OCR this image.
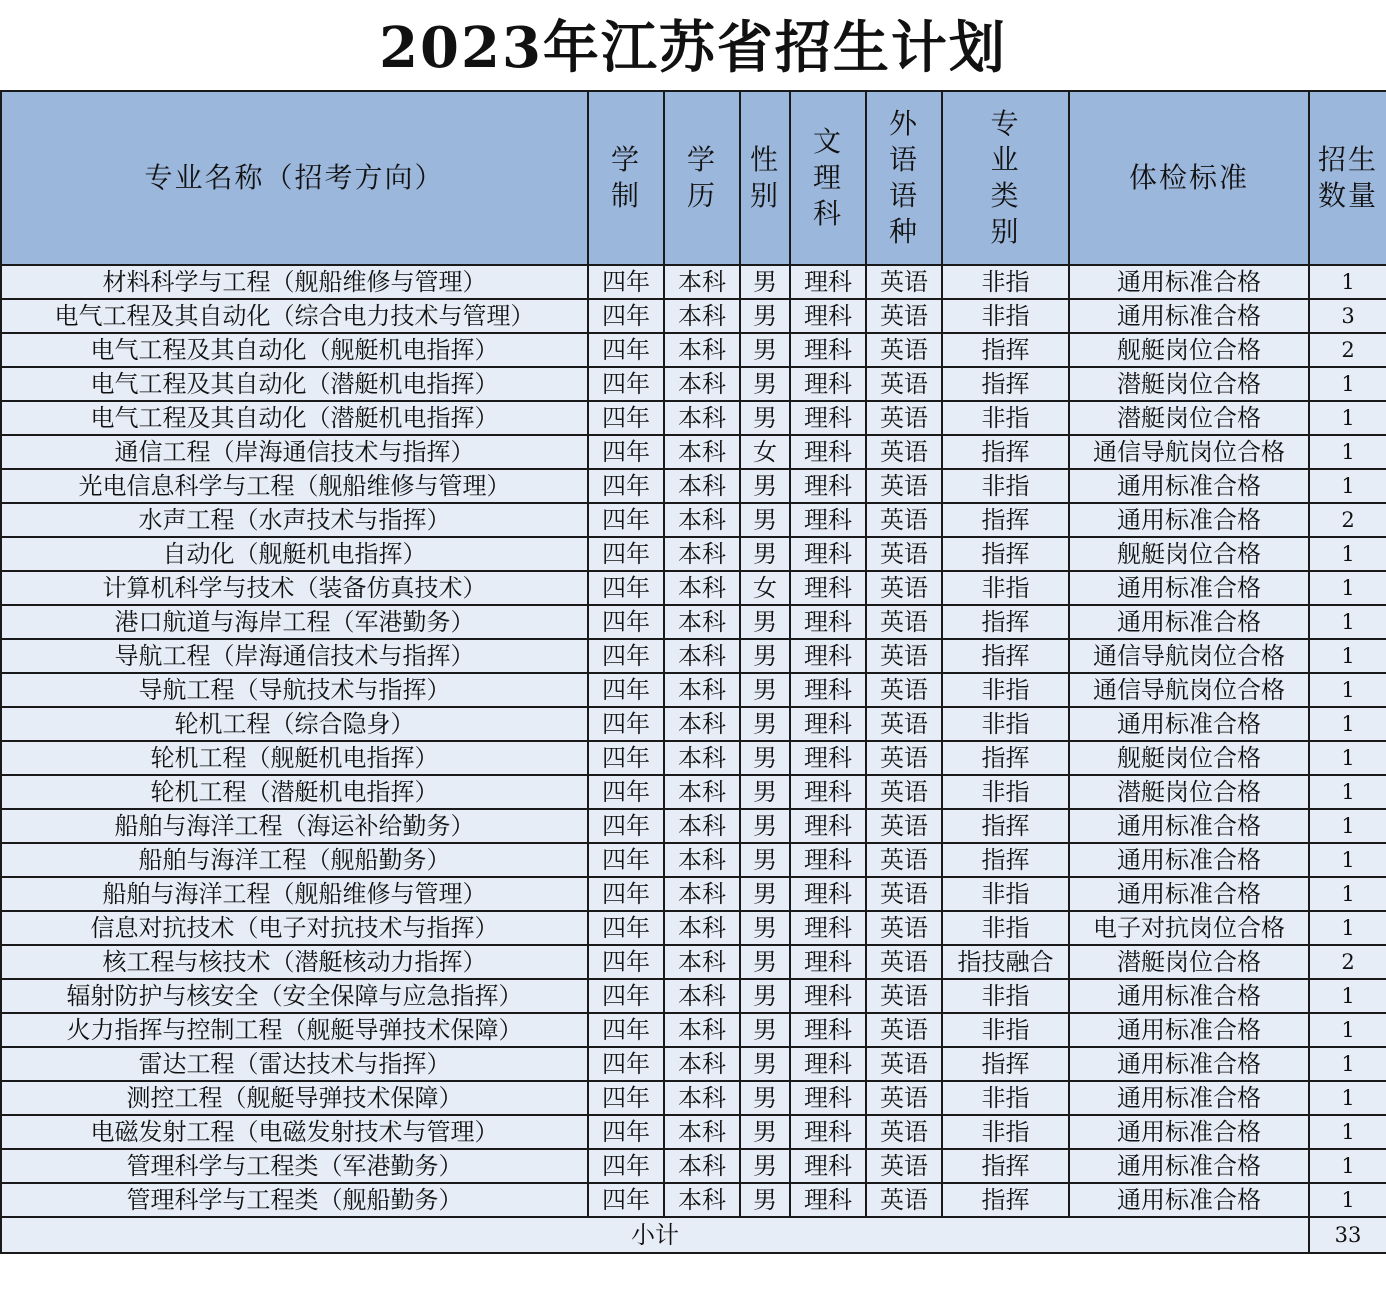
2023年江苏省招生计划
专业名称（招考方向）	学制	学历	性别	文理科	外语语种	专业类别	体检标准	招生数量
材料科学与工程（舰船维修与管理）	四年	本科	男	理科	英语	非指	通用标准合格	1
电气工程及其自动化（综合电力技术与管理）	四年	本科	男	理科	英语	非指	通用标准合格	3
电气工程及其自动化（舰艇机电指挥）	四年	本科	男	理科	英语	指挥	舰艇岗位合格	2
电气工程及其自动化（潜艇机电指挥）	四年	本科	男	理科	英语	指挥	潜艇岗位合格	1
电气工程及其自动化（潜艇机电指挥）	四年	本科	男	理科	英语	非指	潜艇岗位合格	1
通信工程（岸海通信技术与指挥）	四年	本科	女	理科	英语	指挥	通信导航岗位合格	1
光电信息科学与工程（舰船维修与管理）	四年	本科	男	理科	英语	非指	通用标准合格	1
水声工程（水声技术与指挥）	四年	本科	男	理科	英语	指挥	通用标准合格	2
自动化（舰艇机电指挥）	四年	本科	男	理科	英语	指挥	舰艇岗位合格	1
计算机科学与技术（装备仿真技术）	四年	本科	女	理科	英语	非指	通用标准合格	1
港口航道与海岸工程（军港勤务）	四年	本科	男	理科	英语	指挥	通用标准合格	1
导航工程（岸海通信技术与指挥）	四年	本科	男	理科	英语	指挥	通信导航岗位合格	1
导航工程（导航技术与指挥）	四年	本科	男	理科	英语	非指	通信导航岗位合格	1
轮机工程（综合隐身）	四年	本科	男	理科	英语	非指	通用标准合格	1
轮机工程（舰艇机电指挥）	四年	本科	男	理科	英语	指挥	舰艇岗位合格	1
轮机工程（潜艇机电指挥）	四年	本科	男	理科	英语	非指	潜艇岗位合格	1
船舶与海洋工程（海运补给勤务）	四年	本科	男	理科	英语	指挥	通用标准合格	1
船舶与海洋工程（舰船勤务）	四年	本科	男	理科	英语	指挥	通用标准合格	1
船舶与海洋工程（舰船维修与管理）	四年	本科	男	理科	英语	非指	通用标准合格	1
信息对抗技术（电子对抗技术与指挥）	四年	本科	男	理科	英语	非指	电子对抗岗位合格	1
核工程与核技术（潜艇核动力指挥）	四年	本科	男	理科	英语	指技融合	潜艇岗位合格	2
辐射防护与核安全（安全保障与应急指挥）	四年	本科	男	理科	英语	非指	通用标准合格	1
火力指挥与控制工程（舰艇导弹技术保障）	四年	本科	男	理科	英语	非指	通用标准合格	1
雷达工程（雷达技术与指挥）	四年	本科	男	理科	英语	指挥	通用标准合格	1
测控工程（舰艇导弹技术保障）	四年	本科	男	理科	英语	非指	通用标准合格	1
电磁发射工程（电磁发射技术与管理）	四年	本科	男	理科	英语	非指	通用标准合格	1
管理科学与工程类（军港勤务）	四年	本科	男	理科	英语	指挥	通用标准合格	1
管理科学与工程类（舰船勤务）	四年	本科	男	理科	英语	指挥	通用标准合格	1
小计								33
